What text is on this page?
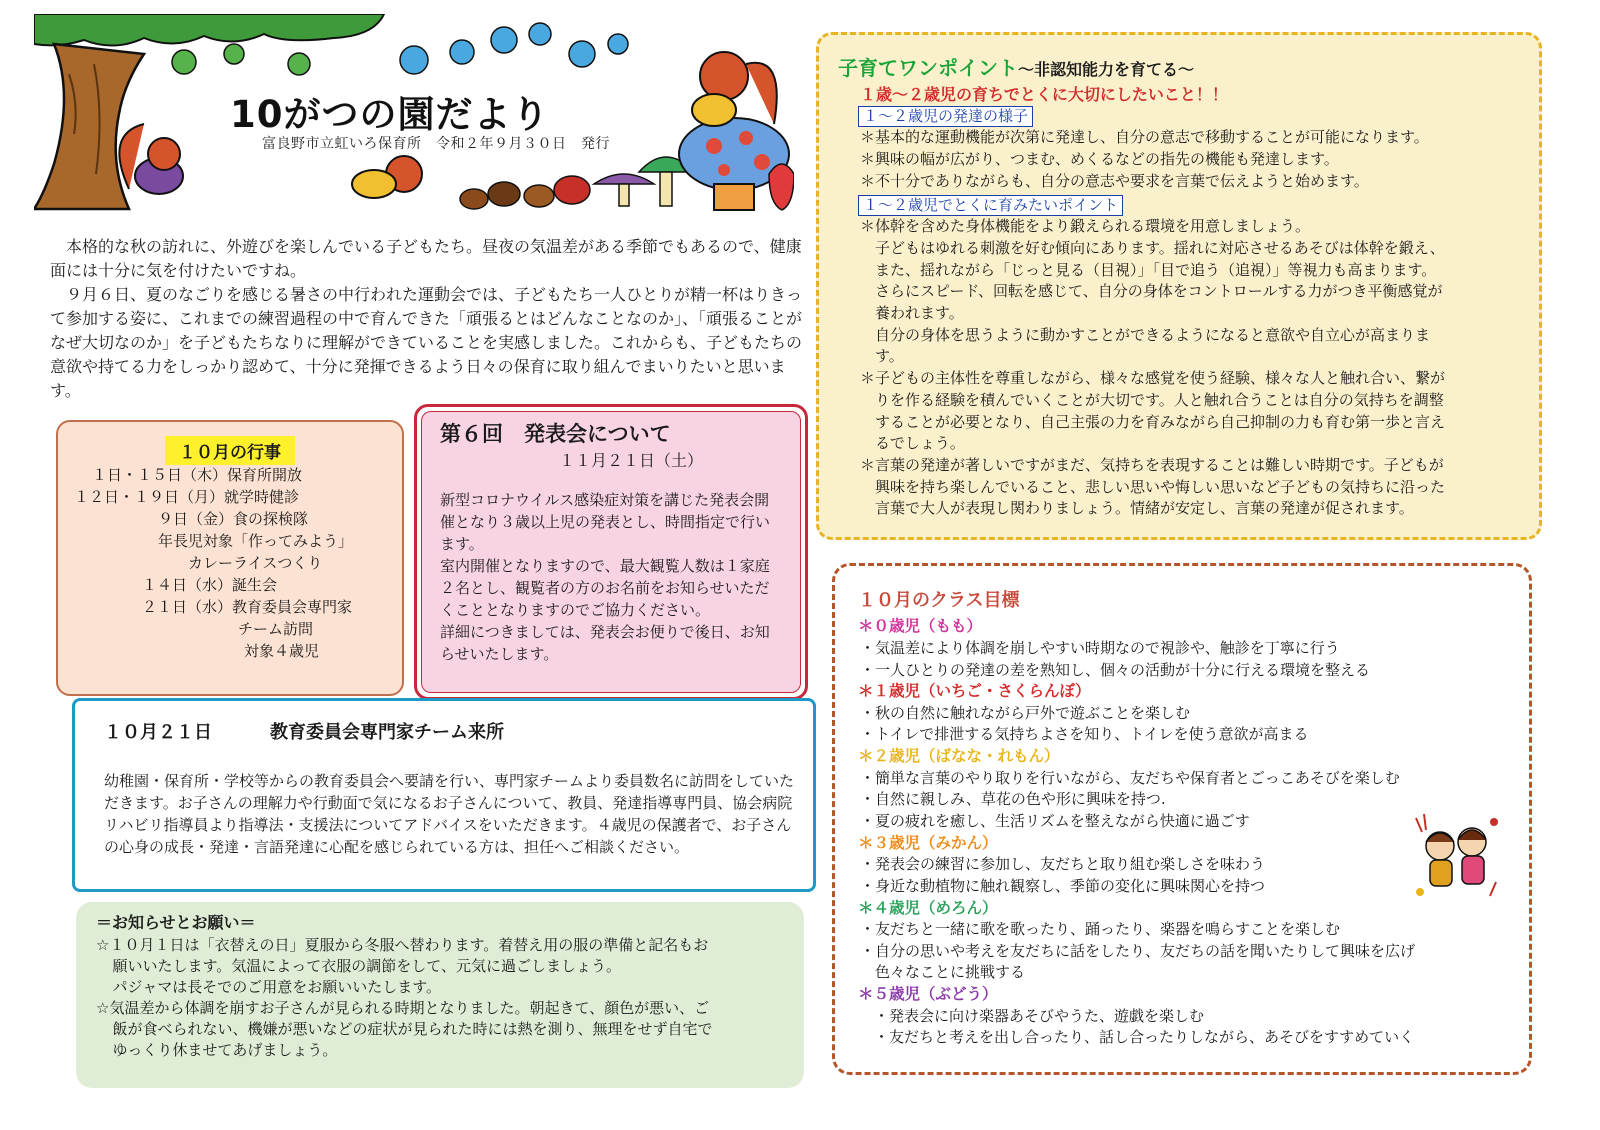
10がつの園だより
富良野市立虹いろ保育所　令和２年９月３０日　発行

本格的な秋の訪れに、外遊びを楽しんでいる子どもたち。昼夜の気温差がある季節でもあるので、健康面には十分に気を付けたいですね。

９月６日、夏のなごりを感じる暑さの中行われた運動会では、子どもたち一人ひとりが精一杯はりきって参加する姿に、これまでの練習過程の中で育んできた「頑張るとはどんなことなのか」、「頑張ることがなぜ大切なのか」を子どもたちなりに理解ができていることを実感しました。これからも、子どもたちの意欲や持てる力をしっかり認めて、十分に発揮できるよう日々の保育に取り組んでまいりたいと思います。

１０月の行事
１日・１５日（木）保育所開放
１２日・１９日（月）就学時健診
９日（金）食の探検隊
年長児対象「作ってみよう」
カレーライスつくり
１４日（水）誕生会
２１日（水）教育委員会専門家
チーム訪問
対象４歳児
第６回　発表会について
１１月２１日（土）

新型コロナウイルス感染症対策を講じた発表会開催となり３歳以上児の発表とし、時間指定で行います。

室内開催となりますので、最大観覧人数は１家庭２名とし、観覧者の方のお名前をお知らせいただくこととなりますのでご協力ください。

詳細につきましては、発表会お便りで後日、お知らせいたします。

１０月２１日	教育委員会専門家チーム来所
幼稚園・保育所・学校等からの教育委員会へ要請を行い、専門家チームより委員数名に訪問をしていただきます。お子さんの理解力や行動面で気になるお子さんについて、教員、発達指導専門員、協会病院リハビリ指導員より指導法・支援法についてアドバイスをいただきます。４歳児の保護者で、お子さんの心身の成長・発達・言語発達に心配を感じられている方は、担任へご相談ください。
＝お知らせとお願い＝
☆１０月１日は「衣替えの日」夏服から冬服へ替わります。着替え用の服の準備と記名もお
願いいたします。気温によって衣服の調節をして、元気に過ごしましょう。
パジャマは長そでのご用意をお願いいたします。
☆気温差から体調を崩すお子さんが見られる時期となりました。朝起きて、顔色が悪い、ご
飯が食べられない、機嫌が悪いなどの症状が見られた時には熱を測り、無理をせず自宅で
ゆっくり休ませてあげましょう。
子育てワンポイント～非認知能力を育てる～
１歳～２歳児の育ちでとくに大切にしたいこと！！
１～２歳児の発達の様子
＊基本的な運動機能が次第に発達し、自分の意志で移動することが可能になります。
＊興味の幅が広がり、つまむ、めくるなどの指先の機能も発達します。
＊不十分でありながらも、自分の意志や要求を言葉で伝えようと始めます。
１～２歳児でとくに育みたいポイント
＊体幹を含めた身体機能をより鍛えられる環境を用意しましょう。
子どもはゆれる刺激を好む傾向にあります。揺れに対応させるあそびは体幹を鍛え、
また、揺れながら「じっと見る（目視）」「目で追う（追視）」等視力も高まります。
さらにスピード、回転を感じて、自分の身体をコントロールする力がつき平衡感覚が
養われます。
自分の身体を思うように動かすことができるようになると意欲や自立心が高まりま
す。
＊子どもの主体性を尊重しながら、様々な感覚を使う経験、様々な人と触れ合い、繋が
りを作る経験を積んでいくことが大切です。人と触れ合うことは自分の気持ちを調整
することが必要となり、自己主張の力を育みながら自己抑制の力も育む第一歩と言え
るでしょう。
＊言葉の発達が著しいですがまだ、気持ちを表現することは難しい時期です。子どもが
興味を持ち楽しんでいること、悲しい思いや悔しい思いなど子どもの気持ちに沿った
言葉で大人が表現し関わりましょう。情緒が安定し、言葉の発達が促されます。
１０月のクラス目標
＊０歳児（もも）
・気温差により体調を崩しやすい時期なので視診や、触診を丁寧に行う
・一人ひとりの発達の差を熟知し、個々の活動が十分に行える環境を整える
＊１歳児（いちご・さくらんぼ）
・秋の自然に触れながら戸外で遊ぶことを楽しむ
・トイレで排泄する気持ちよさを知り、トイレを使う意欲が高まる
＊２歳児（ばなな・れもん）
・簡単な言葉のやり取りを行いながら、友だちや保育者とごっこあそびを楽しむ
・自然に親しみ、草花の色や形に興味を持つ.
・夏の疲れを癒し、生活リズムを整えながら快適に過ごす
＊３歳児（みかん）
・発表会の練習に参加し、友だちと取り組む楽しさを味わう
・身近な動植物に触れ観察し、季節の変化に興味関心を持つ
＊４歳児（めろん）
・友だちと一緒に歌を歌ったり、踊ったり、楽器を鳴らすことを楽しむ
・自分の思いや考えを友だちに話をしたり、友だちの話を聞いたりして興味を広げ
色々なことに挑戦する
＊５歳児（ぶどう）
・発表会に向け楽器あそびやうた、遊戯を楽しむ
・友だちと考えを出し合ったり、話し合ったりしながら、あそびをすすめていく
